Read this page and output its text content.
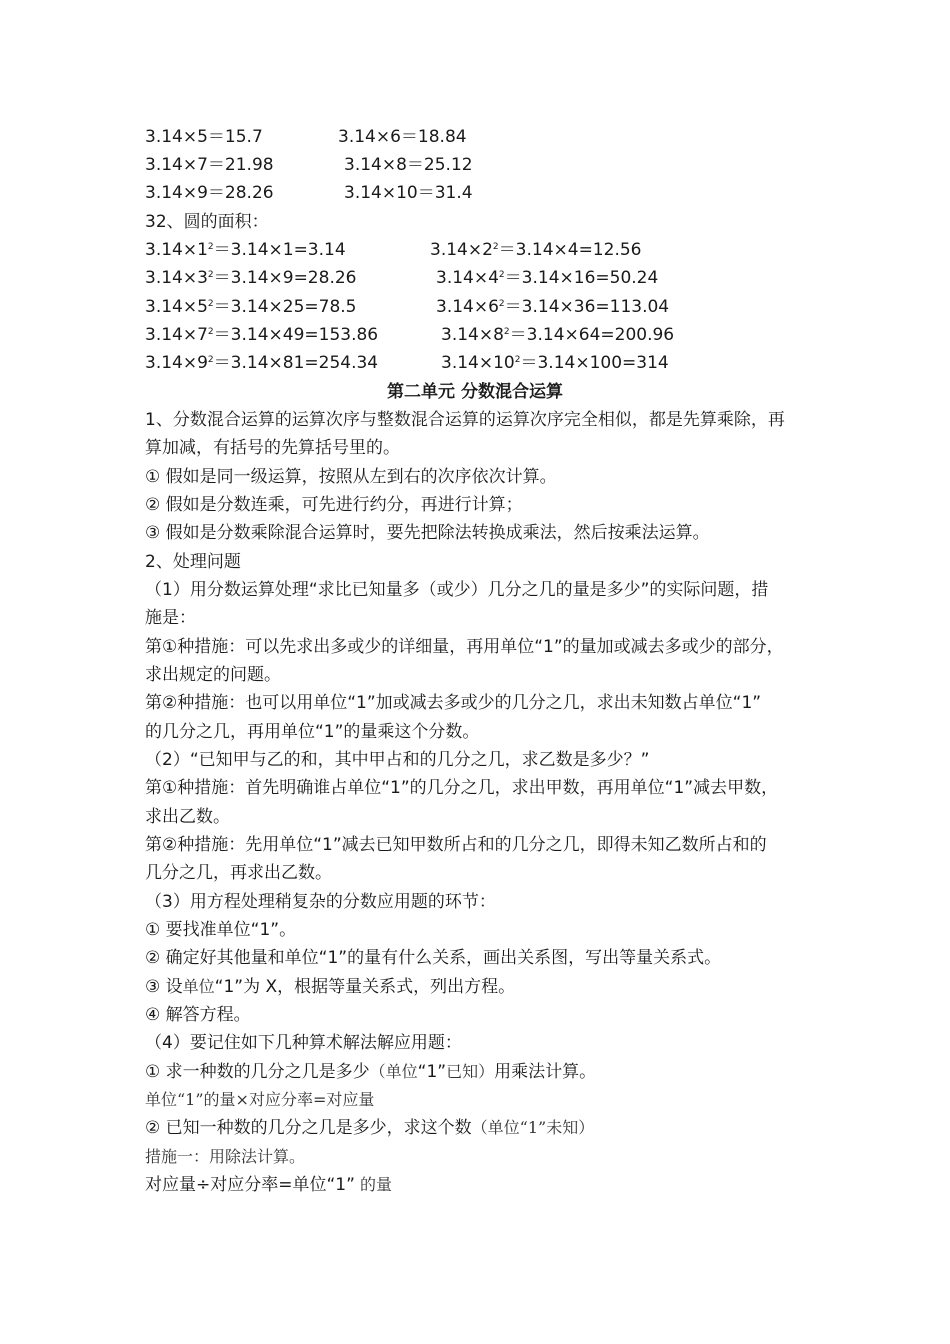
3.14×5＝15.7	3.14×6＝18.84
3.14×7＝21.98	3.14×8＝25.12
3.14×9＝28.26	3.14×10＝31.4
32、圆的面积：
$3.14\times 1^2=3.14\times 1=3.14$	$3.14\times 2^2=3.14\times 4=12.56$
$3.14\times 3^2=3.14\times 9=28.26$	$3.14\times 4^2=3.14\times 16=50.24$
$3.14\times 5^2=3.14\times 25=78.5$	$3.14\times 6^2=3.14\times 36=113.04$
$3.14\times 7^2=3.14\times 49=153.86$	$3.14\times 8^2=3.14\times 64=200.96$
$3.14\times 9^2=3.14\times 81=254.34$	$3.14\times 10^2=3.14\times 100=314$
第二单元 分数混合运算
1、分数混合运算的运算次序与整数混合运算的运算次序完全相似，都是先算乘除，再
算加减，有括号的先算括号里的。
① 假如是同一级运算，按照从左到右的次序依次计算。
② 假如是分数连乘，可先进行约分，再进行计算；
③ 假如是分数乘除混合运算时，要先把除法转换成乘法，然后按乘法运算。
2、处理问题
（1）用分数运算处理“求比已知量多（或少）几分之几的量是多少”的实际问题，措
施是：
第①种措施：可以先求出多或少的详细量，再用单位“1”的量加或减去多或少的部分，
求出规定的问题。
第②种措施：也可以用单位“1”加或减去多或少的几分之几，求出未知数占单位“1”
的几分之几，再用单位“1”的量乘这个分数。
（2）“已知甲与乙的和，其中甲占和的几分之几，求乙数是多少？”
第①种措施：首先明确谁占单位“1”的几分之几，求出甲数，再用单位“1”减去甲数，
求出乙数。
第②种措施：先用单位“1”减去已知甲数所占和的几分之几，即得未知乙数所占和的
几分之几，再求出乙数。
（3）用方程处理稍复杂的分数应用题的环节：
① 要找准单位“1”。
② 确定好其他量和单位“1”的量有什么关系，画出关系图，写出等量关系式。
③ 设单位“1”为 X，根据等量关系式，列出方程。
④ 解答方程。
（4）要记住如下几种算术解法解应用题：
① 求一种数的几分之几是多少（单位“1”已知）用乘法计算。
单位“1”的量×对应分率=对应量
② 已知一种数的几分之几是多少，求这个数（单位“1”未知）
措施一：用除法计算。
对应量÷对应分率=单位“1” 的量
